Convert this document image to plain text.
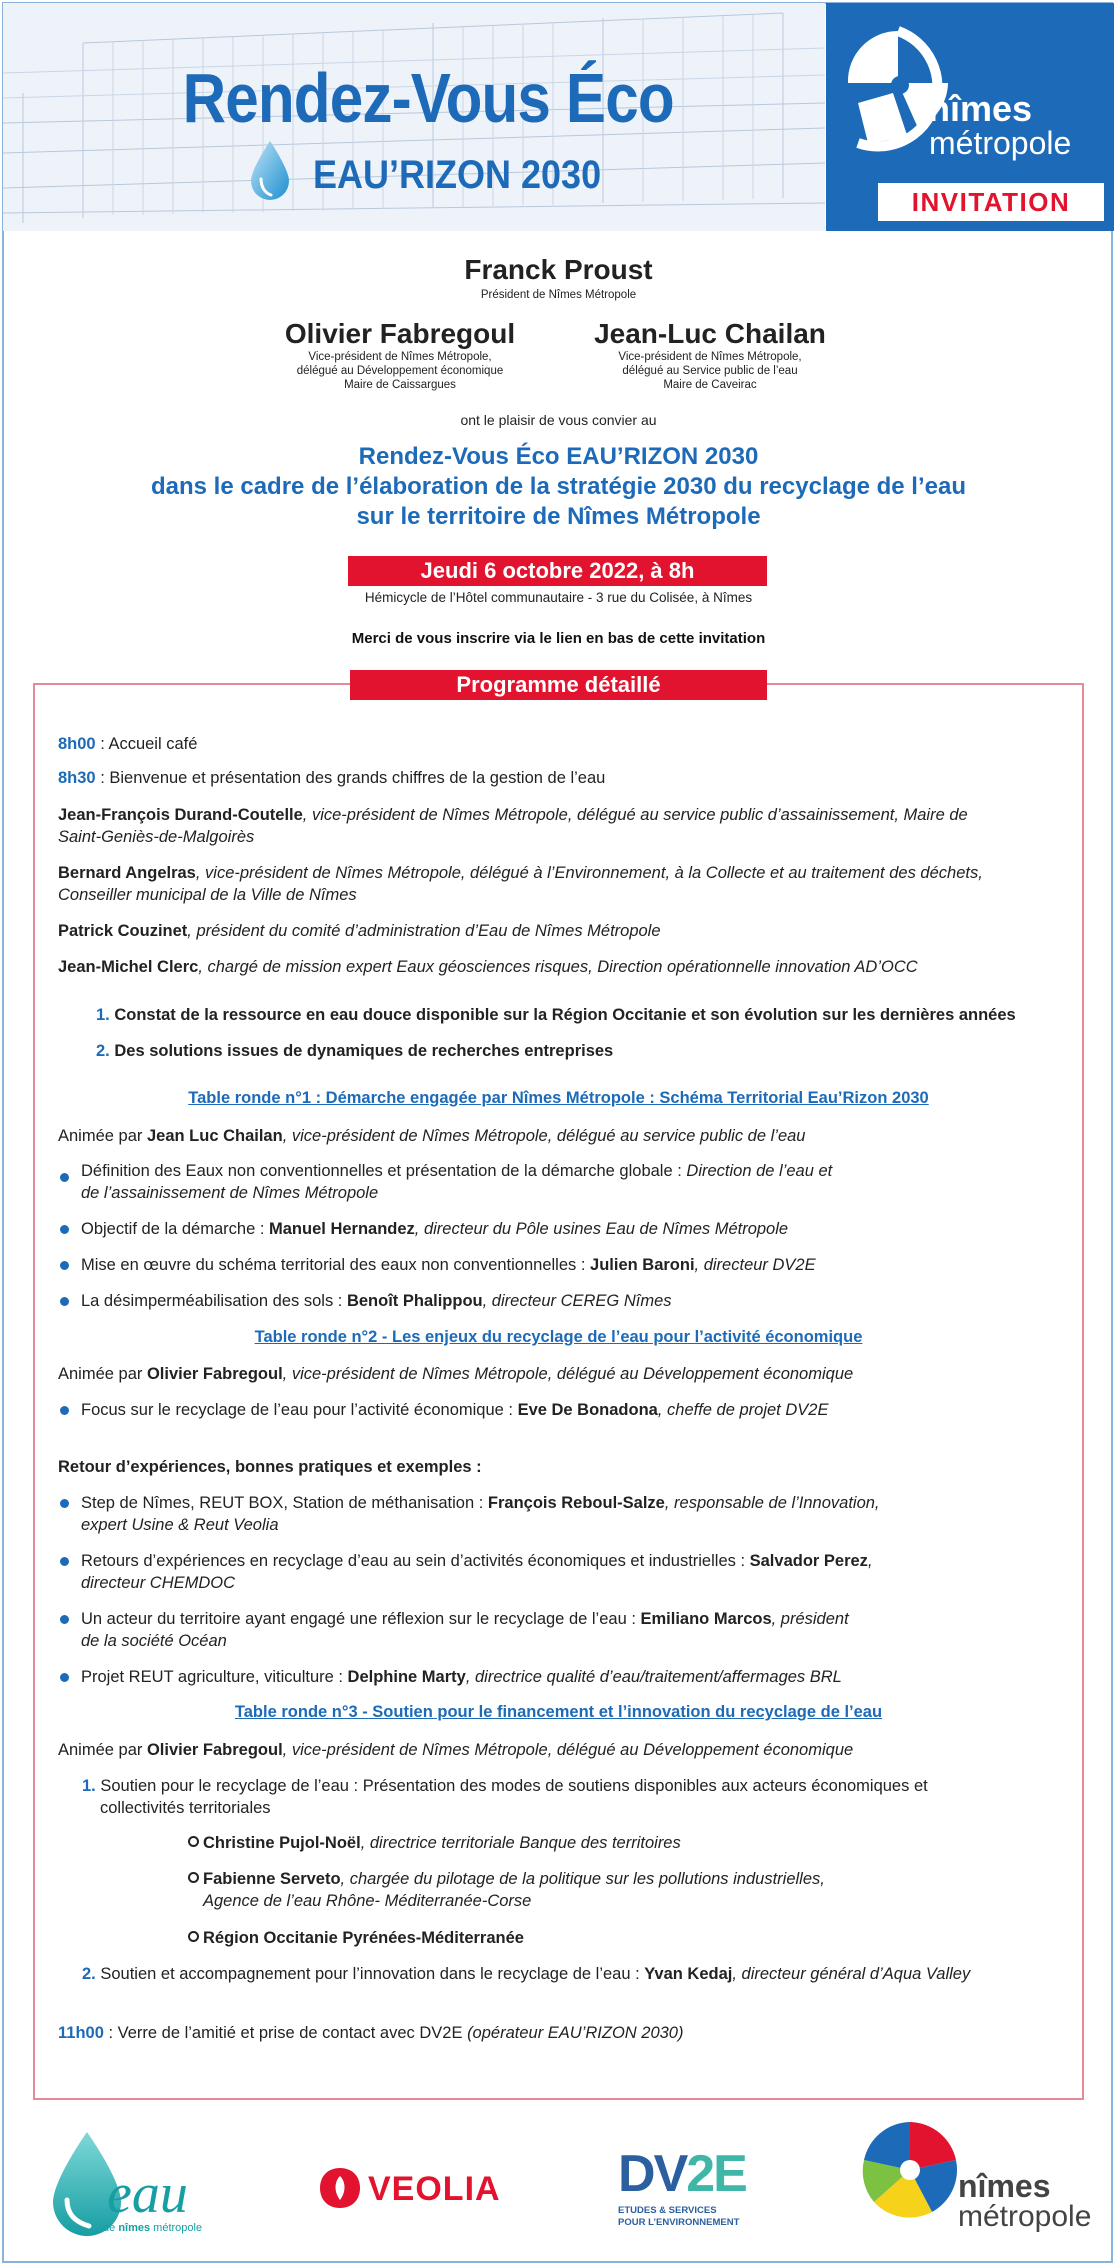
Rendez-Vous Éco
EAU’RIZON 2030
nîmes
métropole
INVITATION
Franck Proust
Président de Nîmes Métropole
Olivier Fabregoul
Vice-président de Nîmes Métropole,
délégué au Développement économique
Maire de Caissargues
Jean-Luc Chailan
Vice-président de Nîmes Métropole,
délégué au Service public de l’eau
Maire de Caveirac
ont le plaisir de vous convier au
Rendez-Vous Éco EAU’RIZON 2030
dans le cadre de l’élaboration de la stratégie 2030 du recyclage de l’eau
sur le territoire de Nîmes Métropole
Jeudi 6 octobre 2022, à 8h
Hémicycle de l’Hôtel communautaire - 3 rue du Colisée, à Nîmes
Merci de vous inscrire via le lien en bas de cette invitation
Programme détaillé
8h00 : Accueil café
8h30 : Bienvenue et présentation des grands chiffres de la gestion de l’eau
Jean-François Durand-Coutelle, vice-président de Nîmes Métropole, délégué au service public d’assainissement, Maire de
Saint-Geniès-de-Malgoirès
Bernard Angelras, vice-président de Nîmes Métropole, délégué à l’Environnement, à la Collecte et au traitement des déchets,
Conseiller municipal de la Ville de Nîmes
Patrick Couzinet, président du comité d’administration d’Eau de Nîmes Métropole
Jean-Michel Clerc, chargé de mission expert Eaux géosciences risques, Direction opérationnelle innovation AD’OCC
1. Constat de la ressource en eau douce disponible sur la Région Occitanie et son évolution sur les dernières années
2. Des solutions issues de dynamiques de recherches entreprises
Table ronde n°1 : Démarche engagée par Nîmes Métropole : Schéma Territorial Eau’Rizon 2030
Animée par Jean Luc Chailan, vice-président de Nîmes Métropole, délégué au service public de l’eau
Définition des Eaux non conventionnelles et présentation de la démarche globale : Direction de l’eau et
de l’assainissement de Nîmes Métropole
Objectif de la démarche : Manuel Hernandez, directeur du Pôle usines Eau de Nîmes Métropole
Mise en œuvre du schéma territorial des eaux non conventionnelles : Julien Baroni, directeur DV2E
La désimperméabilisation des sols : Benoît Phalippou, directeur CEREG Nîmes
Table ronde n°2 - Les enjeux du recyclage de l’eau pour l’activité économique
Animée par Olivier Fabregoul, vice-président de Nîmes Métropole, délégué au Développement économique
Focus sur le recyclage de l’eau pour l’activité économique : Eve De Bonadona, cheffe de projet DV2E
Retour d’expériences, bonnes pratiques et exemples :
Step de Nîmes, REUT BOX, Station de méthanisation : François Reboul-Salze, responsable de l’Innovation,
expert Usine & Reut Veolia
Retours d’expériences en recyclage d’eau au sein d’activités économiques et industrielles : Salvador Perez,
directeur CHEMDOC
Un acteur du territoire ayant engagé une réflexion sur le recyclage de l’eau : Emiliano Marcos, président
de la société Océan
Projet REUT agriculture, viticulture : Delphine Marty, directrice qualité d’eau/traitement/affermages BRL
Table ronde n°3 - Soutien pour le financement et l’innovation du recyclage de l’eau
Animée par Olivier Fabregoul, vice-président de Nîmes Métropole, délégué au Développement économique
1. Soutien pour le recyclage de l’eau : Présentation des modes de soutiens disponibles aux acteurs économiques et
collectivités territoriales
Christine Pujol-Noël, directrice territoriale Banque des territoires
Fabienne Serveto, chargée du pilotage de la politique sur les pollutions industrielles,
Agence de l’eau Rhône- Méditerranée-Corse
Région Occitanie Pyrénées-Méditerranée
2. Soutien et accompagnement pour l’innovation dans le recyclage de l’eau : Yvan Kedaj, directeur général d’Aqua Valley
11h00 : Verre de l’amitié et prise de contact avec DV2E (opérateur EAU’RIZON 2030)
eau
de nîmes métropole
VEOLIA DV2E
ETUDES & SERVICES
POUR L’ENVIRONNEMENT
nîmes
métropole
